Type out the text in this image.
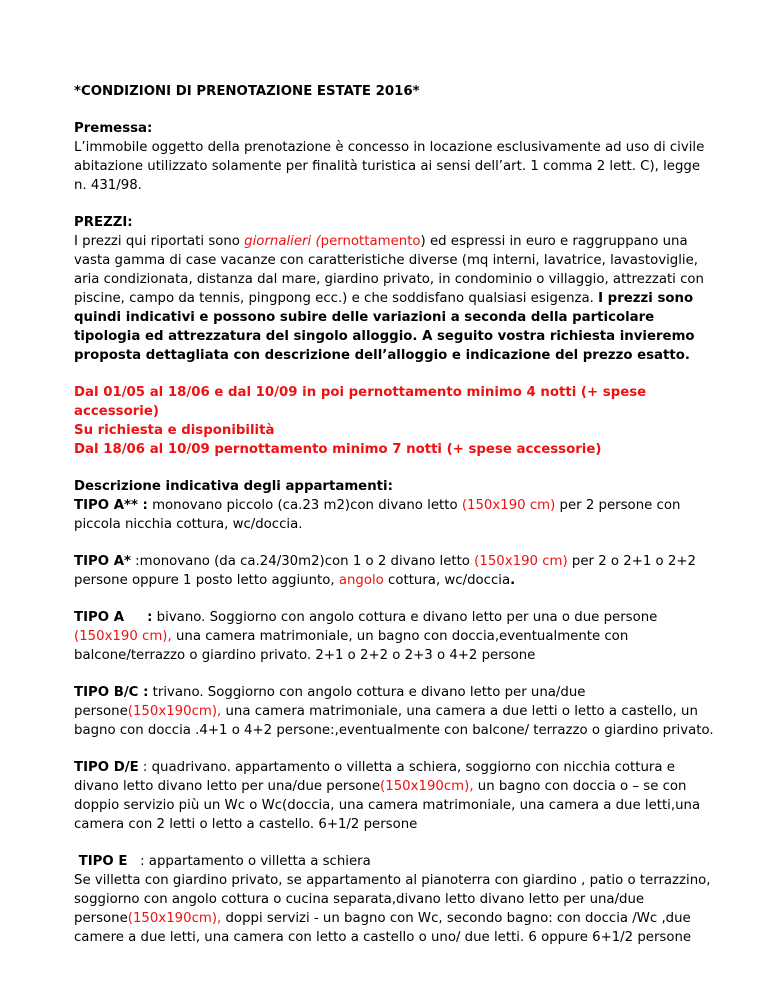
*CONDIZIONI DI PRENOTAZIONE ESTATE 2016*

Premessa:

L’immobile oggetto della prenotazione è concesso in locazione esclusivamente ad uso di civile abitazione utilizzato solamente per finalità turistica ai sensi dell’art. 1 comma 2 lett. C), legge n. 431/98.

PREZZI:

I prezzi qui riportati sono giornalieri (pernottamento) ed espressi in euro e raggruppano una vasta gamma di case vacanze con caratteristiche diverse (mq interni, lavatrice, lavastoviglie, aria condizionata, distanza dal mare, giardino privato, in condominio o villaggio, attrezzati con piscine, campo da tennis, pingpong ecc.) e che soddisfano qualsiasi esigenza. I prezzi sono quindi indicativi e possono subire delle variazioni a seconda della particolare tipologia ed attrezzatura del singolo alloggio. A seguito vostra richiesta invieremo proposta dettagliata con descrizione dell’alloggio e indicazione del prezzo esatto.

Dal 01/05 al 18/06 e dal 10/09 in poi pernottamento minimo 4 notti (+ spese accessorie)

Su richiesta e disponibilità

Dal 18/06 al 10/09 pernottamento minimo 7 notti (+ spese accessorie)

Descrizione indicativa degli appartamenti:

TIPO A** : monovano piccolo (ca.23 m2)con divano letto (150x190 cm) per 2 persone con piccola nicchia cottura, wc/doccia.

TIPO A* :monovano (da ca.24/30m2)con 1 o 2 divano letto (150x190 cm) per 2 o 2+1 o 2+2 persone oppure 1 posto letto aggiunto, angolo cottura, wc/doccia.

TIPO A     : bivano. Soggiorno con angolo cottura e divano letto per una o due persone (150x190 cm), una camera matrimoniale, un bagno con doccia,eventualmente con balcone/terrazzo o giardino privato. 2+1 o 2+2 o 2+3 o 4+2 persone

TIPO B/C : trivano. Soggiorno con angolo cottura e divano letto per una/due persone(150x190cm), una camera matrimoniale, una camera a due letti o letto a castello, un bagno con doccia .4+1 o 4+2 persone:,eventualmente con balcone/ terrazzo o giardino privato.

TIPO D/E : quadrivano. appartamento o villetta a schiera, soggiorno con nicchia cottura e divano letto divano letto per una/due persone(150x190cm), un bagno con doccia o – se con doppio servizio più un Wc o Wc(doccia, una camera matrimoniale, una camera a due letti,una camera con 2 letti o letto a castello. 6+1/2 persone

TIPO E   : appartamento o villetta a schiera

Se villetta con giardino privato, se appartamento al pianoterra con giardino , patio o terrazzino, soggiorno con angolo cottura o cucina separata,divano letto divano letto per una/due persone(150x190cm), doppi servizi - un bagno con Wc, secondo bagno: con doccia /Wc ,due camere a due letti, una camera con letto a castello o uno/ due letti. 6 oppure 6+1/2 persone
